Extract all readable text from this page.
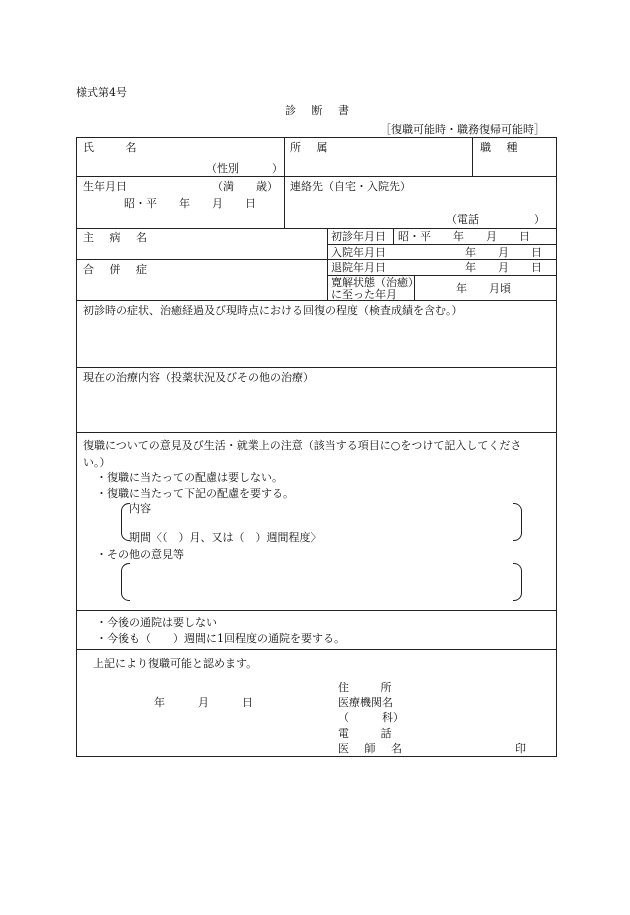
様式第4号
診 断 書
［復職可能時・職務復帰可能時］
氏 名
（性別　　　）
所 属	職 種
生年月日	（満　　歳）
昭・平　　年　　月　　日
連絡先（自宅・入院先）
（電話　　　　　）
主 病 名
合 併 症
初診年月日 昭・平　　年　　月　　日
入院年月日	年　　月　　日
退院年月日	年　　月　　日
寛解状態（治癒）
に至った年月	年　　月頃
初診時の症状、治癒経過及び現時点における回復の程度（検査成績を含む。）
現在の治療内容（投薬状況及びその他の治療）
復職についての意見及び生活・就業上の注意（該当する項目に○をつけて記入してくださ
い。）
・復職に当たっての配慮は要しない。
・復職に当たって下記の配慮を要する。
内容
期間〈（　）月、又は（　）週間程度〉
・その他の意見等
・今後の通院は要しない
・今後も（　　）週間に1回程度の通院を要する。
上記により復職可能と認めます。
年　　　月　　　日
住 所
医療機関名
（　　　科）
電 話
医 師 名	印
